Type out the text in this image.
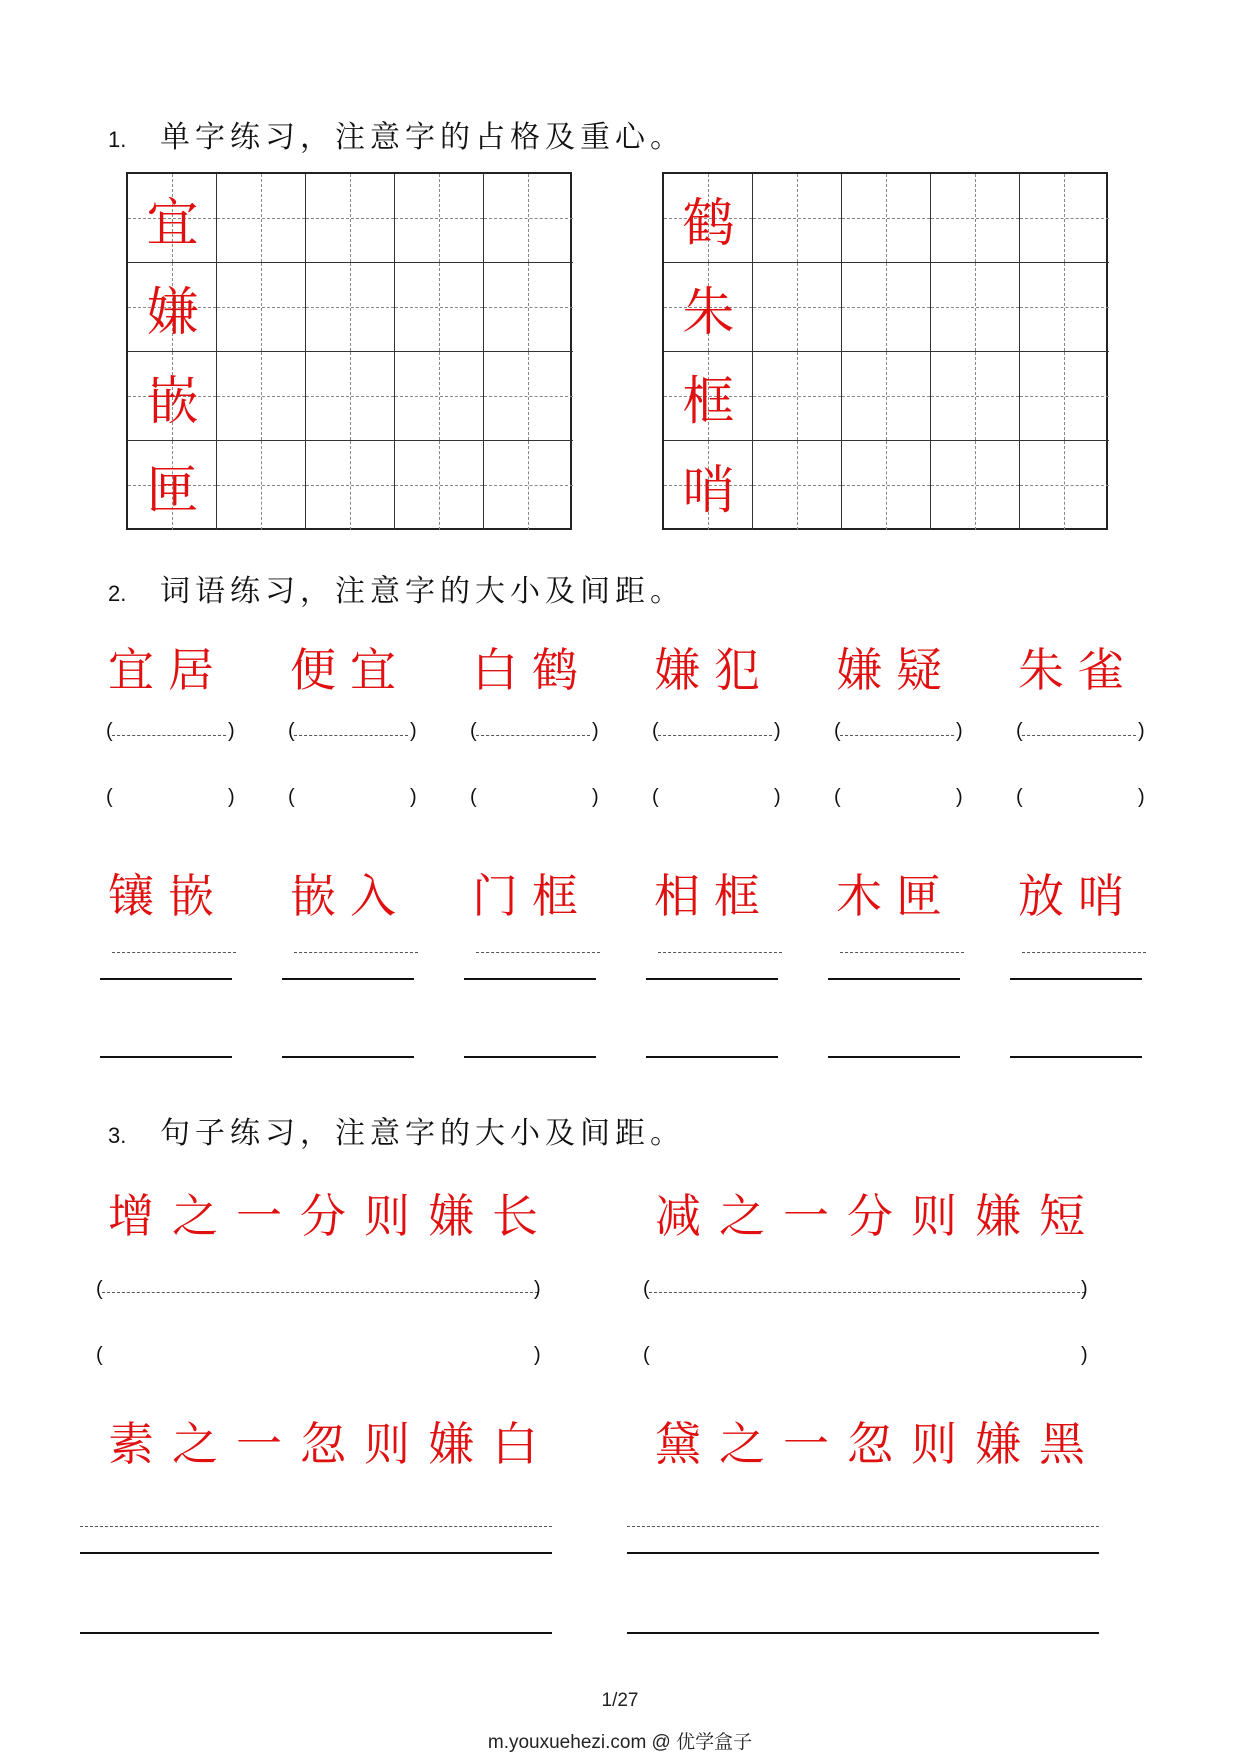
1. 单字练习，注意字的占格及重心。
宜
嫌
嵌
匣
鹤
朱
框
哨
2. 词语练习，注意字的大小及间距。
3. 句子练习，注意字的大小及间距。
1/27
m.youxuehezi.com @ 优学盒子
宜居
(	)
(	)
便宜
(	)
(	)
白鹤
(	)
(	)
嫌犯
(	)
(	)
嫌疑
(	)
(	)
朱雀
(	)
(	)
镶嵌 嵌入 门框 相框 木匣 放哨
增之一分则嫌长
(	)
(	)
减之一分则嫌短
(	)
(	)
素之一忽则嫌白 黛之一忽则嫌黑
